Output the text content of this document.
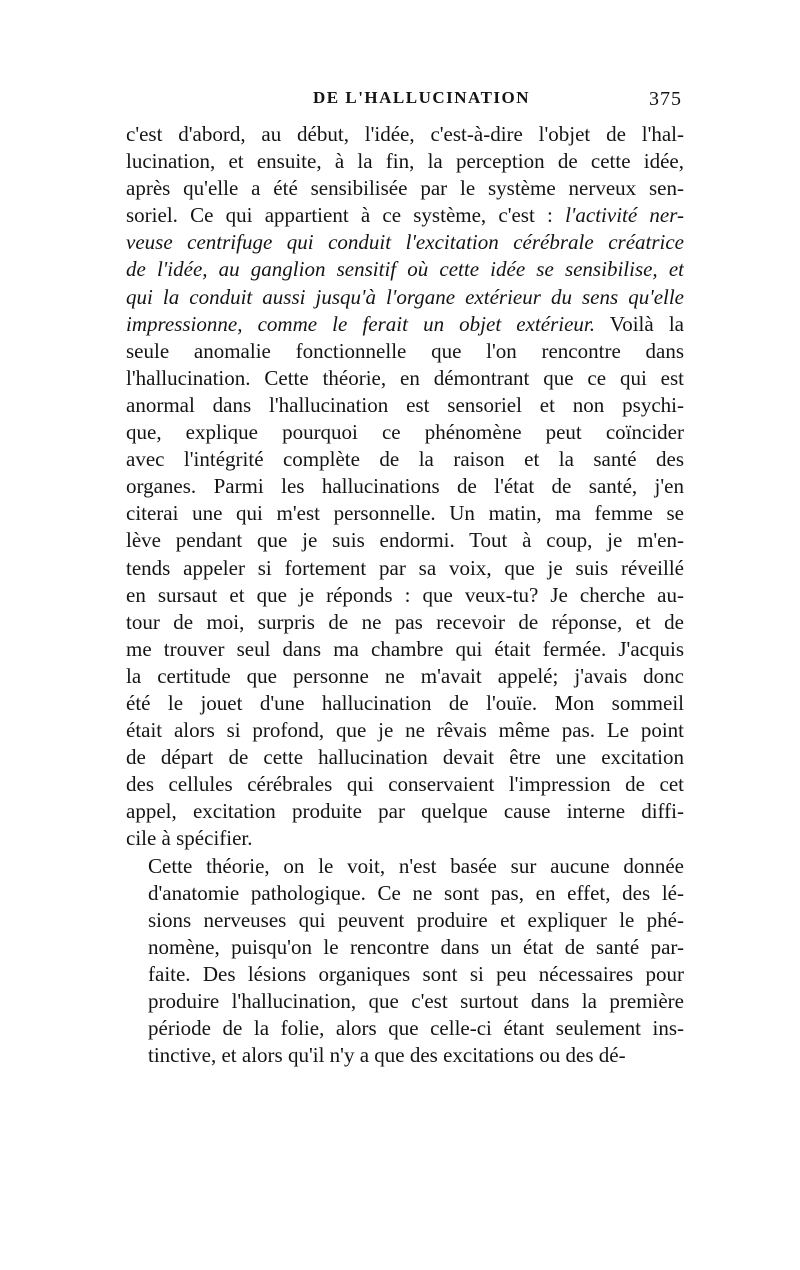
DE L'HALLUCINATION	375
c'est d'abord, au début, l'idée, c'est-à-dire l'objet de l'hal-
lucination, et ensuite, à la fin, la perception de cette idée,
après qu'elle a été sensibilisée par le système nerveux sen-
soriel. Ce qui appartient à ce système, c'est : l'activité ner-
veuse centrifuge qui conduit l'excitation cérébrale créatrice
de l'idée, au ganglion sensitif où cette idée se sensibilise, et
qui la conduit aussi jusqu'à l'organe extérieur du sens qu'elle
impressionne, comme le ferait un objet extérieur. Voilà la
seule anomalie fonctionnelle que l'on rencontre dans
l'hallucination. Cette théorie, en démontrant que ce qui est
anormal dans l'hallucination est sensoriel et non psychi-
que, explique pourquoi ce phénomène peut coïncider
avec l'intégrité complète de la raison et la santé des
organes. Parmi les hallucinations de l'état de santé, j'en
citerai une qui m'est personnelle. Un matin, ma femme se
lève pendant que je suis endormi. Tout à coup, je m'en-
tends appeler si fortement par sa voix, que je suis réveillé
en sursaut et que je réponds : que veux-tu? Je cherche au-
tour de moi, surpris de ne pas recevoir de réponse, et de
me trouver seul dans ma chambre qui était fermée. J'acquis
la certitude que personne ne m'avait appelé; j'avais donc
été le jouet d'une hallucination de l'ouïe. Mon sommeil
était alors si profond, que je ne rêvais même pas. Le point
de départ de cette hallucination devait être une excitation
des cellules cérébrales qui conservaient l'impression de cet
appel, excitation produite par quelque cause interne diffi-
cile à spécifier.
Cette théorie, on le voit, n'est basée sur aucune donnée
d'anatomie pathologique. Ce ne sont pas, en effet, des lé-
sions nerveuses qui peuvent produire et expliquer le phé-
nomène, puisqu'on le rencontre dans un état de santé par-
faite. Des lésions organiques sont si peu nécessaires pour
produire l'hallucination, que c'est surtout dans la première
période de la folie, alors que celle-ci étant seulement ins-
tinctive, et alors qu'il n'y a que des excitations ou des dé-
